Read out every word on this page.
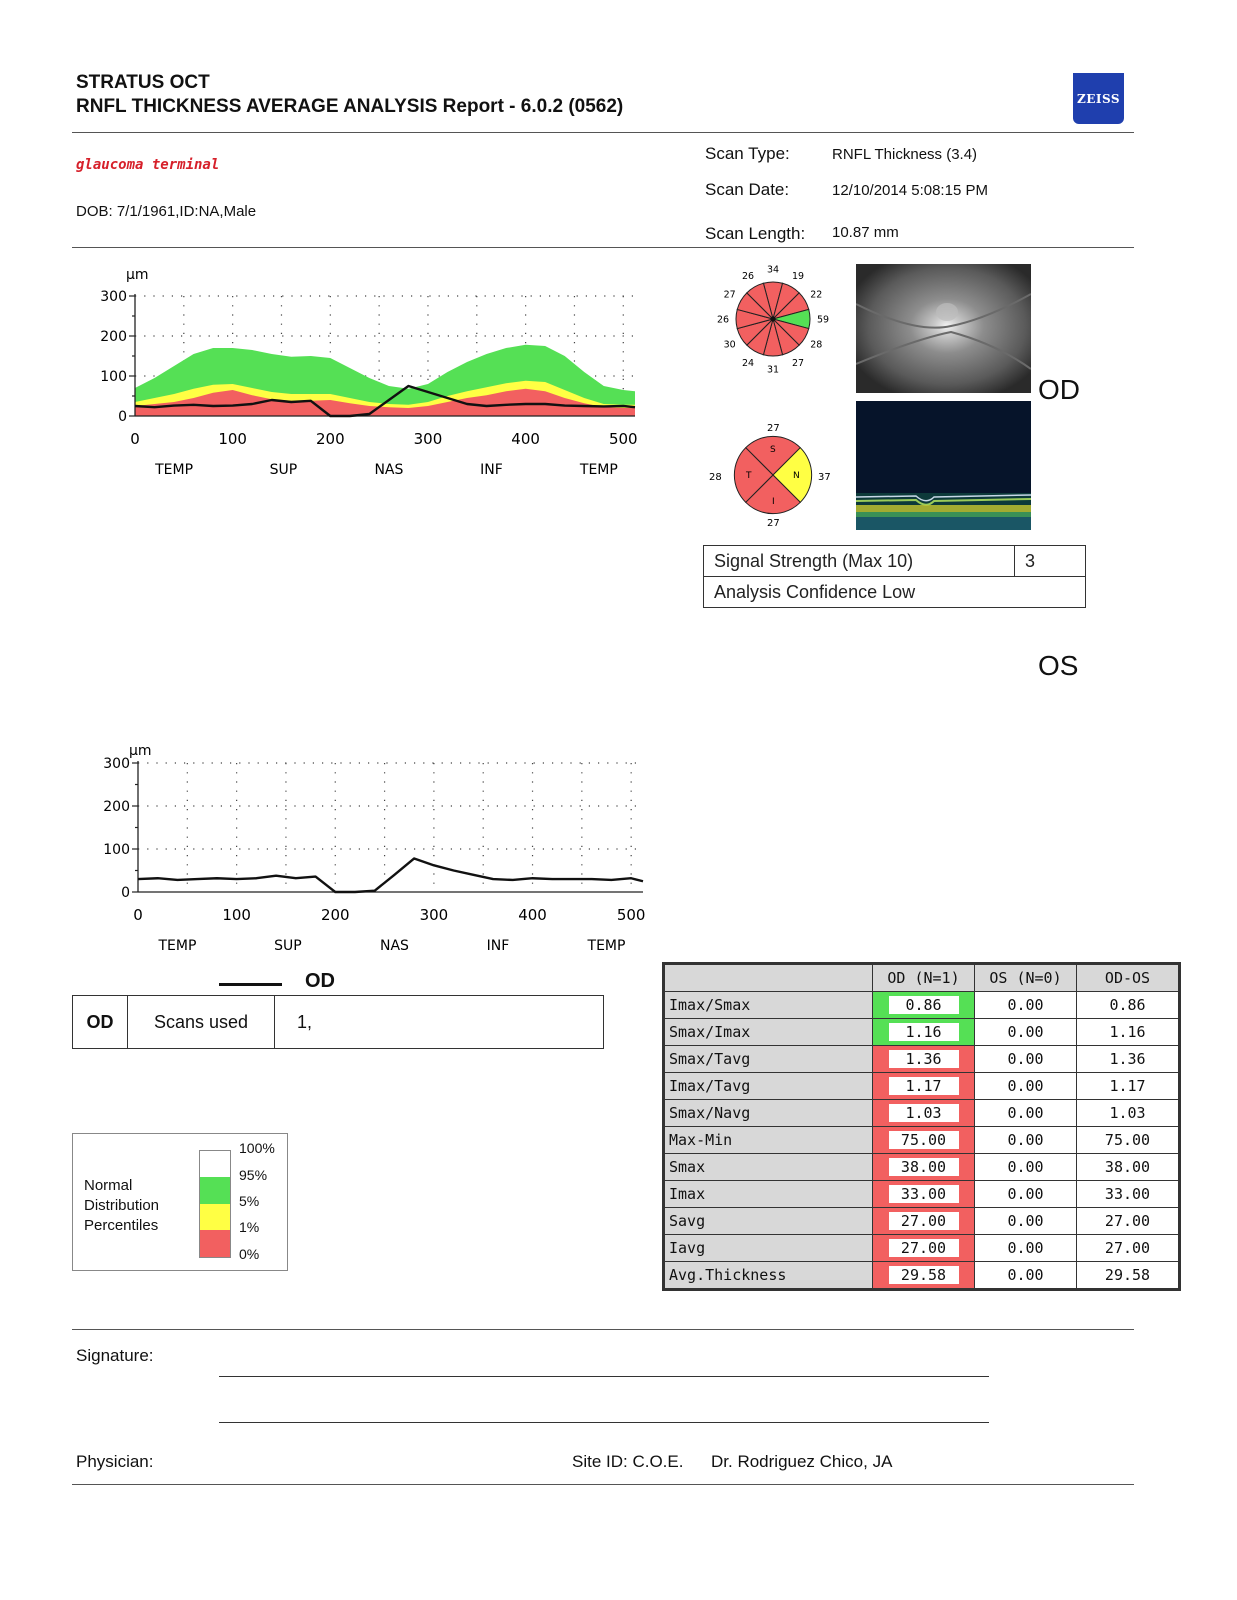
STRATUS OCT
RNFL THICKNESS AVERAGE ANALYSIS Report - 6.0.2 (0562)	ZEISS
glaucoma terminal
DOB: 7/1/1961,ID:NA,Male
Scan Type:	RNFL Thickness (3.4)
Scan Date:	12/10/2014 5:08:15 PM
Scan Length: 10.87 mm
µm
300
200
100
0
0	100	200	300	400	500
TEMP	SUP	NAS	INF	TEMP
34
19
22
59
28
27
31
24
30
26
27
26
S
N
I
T
27
37
27
28
OD
Signal Strength (Max 10)	3
Analysis Confidence Low
OS
µm
300
200
100
0
0	100	200	300	400	500
TEMP	SUP	NAS	INF	TEMP
OD
OD	Scans used	1,
Normal
Distribution
Percentiles
100%
95%
5%
1%
0%
	OD (N=1)	OS (N=0)	OD-OS
Imax/Smax	0.86	0.00	0.86
Smax/Imax	1.16	0.00	1.16
Smax/Tavg	1.36	0.00	1.36
Imax/Tavg	1.17	0.00	1.17
Smax/Navg	1.03	0.00	1.03
Max-Min	75.00	0.00	75.00
Smax	38.00	0.00	38.00
Imax	33.00	0.00	33.00
Savg	27.00	0.00	27.00
Iavg	27.00	0.00	27.00
Avg.Thickness	29.58	0.00	29.58
Signature:
Physician:	Site ID: C.O.E. Dr. Rodriguez Chico, JA
